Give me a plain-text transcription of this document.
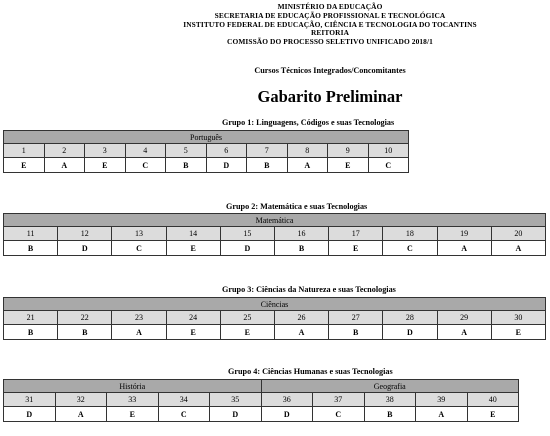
MINISTÉRIO DA EDUCAÇÃO
SECRETARIA DE EDUCAÇÃO PROFISSIONAL E TECNOLÓGICA
INSTITUTO FEDERAL DE EDUCAÇÃO, CIÊNCIA E TECNOLOGIA DO TOCANTINS
REITORIA
COMISSÃO DO PROCESSO SELETIVO UNIFICADO 2018/1
Cursos Técnicos Integrados/Concomitantes
Gabarito Preliminar
Grupo 1: Linguagens, Códigos e suas Tecnologias
Português									
1	2	3	4	5	6	7	8	9	10
E	A	E	C	B	D	B	A	E	C
Grupo 2: Matemática e suas Tecnologias
Matemática									
11	12	13	14	15	16	17	18	19	20
B	D	C	E	D	B	E	C	A	A
Grupo 3: Ciências da Natureza e suas Tecnologias
Ciências									
21	22	23	24	25	26	27	28	29	30
B	B	A	E	E	A	B	D	A	E
Grupo 4: Ciências Humanas e suas Tecnologias
História					Geografia				
31	32	33	34	35	36	37	38	39	40
D	A	E	C	D	D	C	B	A	E
